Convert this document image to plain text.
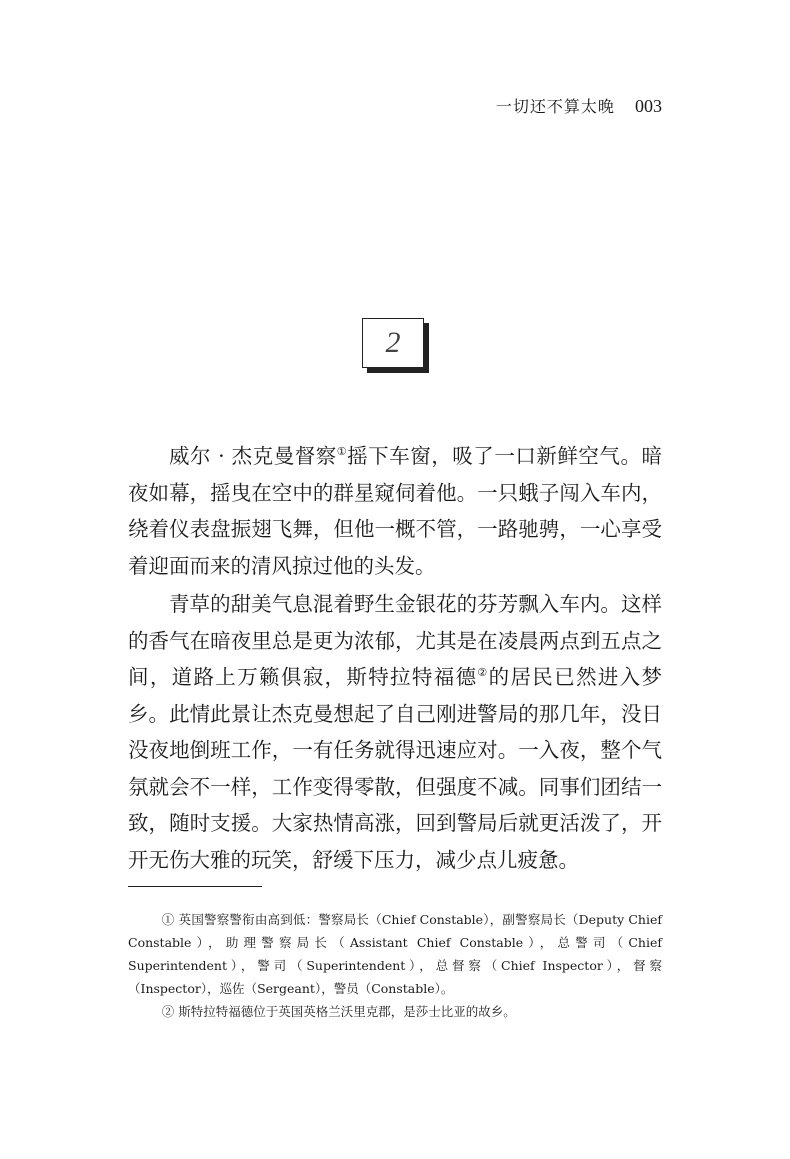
一切还不算太晚 003
2

威尔 · 杰克曼督察①摇下车窗，吸了一口新鲜空气。暗夜如幕，摇曳在空中的群星窥伺着他。一只蛾子闯入车内，绕着仪表盘振翅飞舞，但他一概不管，一路驰骋，一心享受着迎面而来的清风掠过他的头发。

青草的甜美气息混着野生金银花的芬芳飘入车内。这样的香气在暗夜里总是更为浓郁，尤其是在凌晨两点到五点之间，道路上万籁俱寂，斯特拉特福德②的居民已然进入梦乡。此情此景让杰克曼想起了自己刚进警局的那几年，没日没夜地倒班工作，一有任务就得迅速应对。一入夜，整个气氛就会不一样，工作变得零散，但强度不减。同事们团结一致，随时支援。大家热情高涨，回到警局后就更活泼了，开开无伤大雅的玩笑，舒缓下压力，减少点儿疲惫。

① 英国警察警衔由高到低：警察局长（Chief Constable），副警察局长（Deputy Chief Constable），助理警察局长（Assistant Chief Constable），总警司（Chief Superintendent），警司（Superintendent），总督察（Chief Inspector），督察（Inspector），巡佐（Sergeant），警员（Constable）。

② 斯特拉特福德位于英国英格兰沃里克郡，是莎士比亚的故乡。
